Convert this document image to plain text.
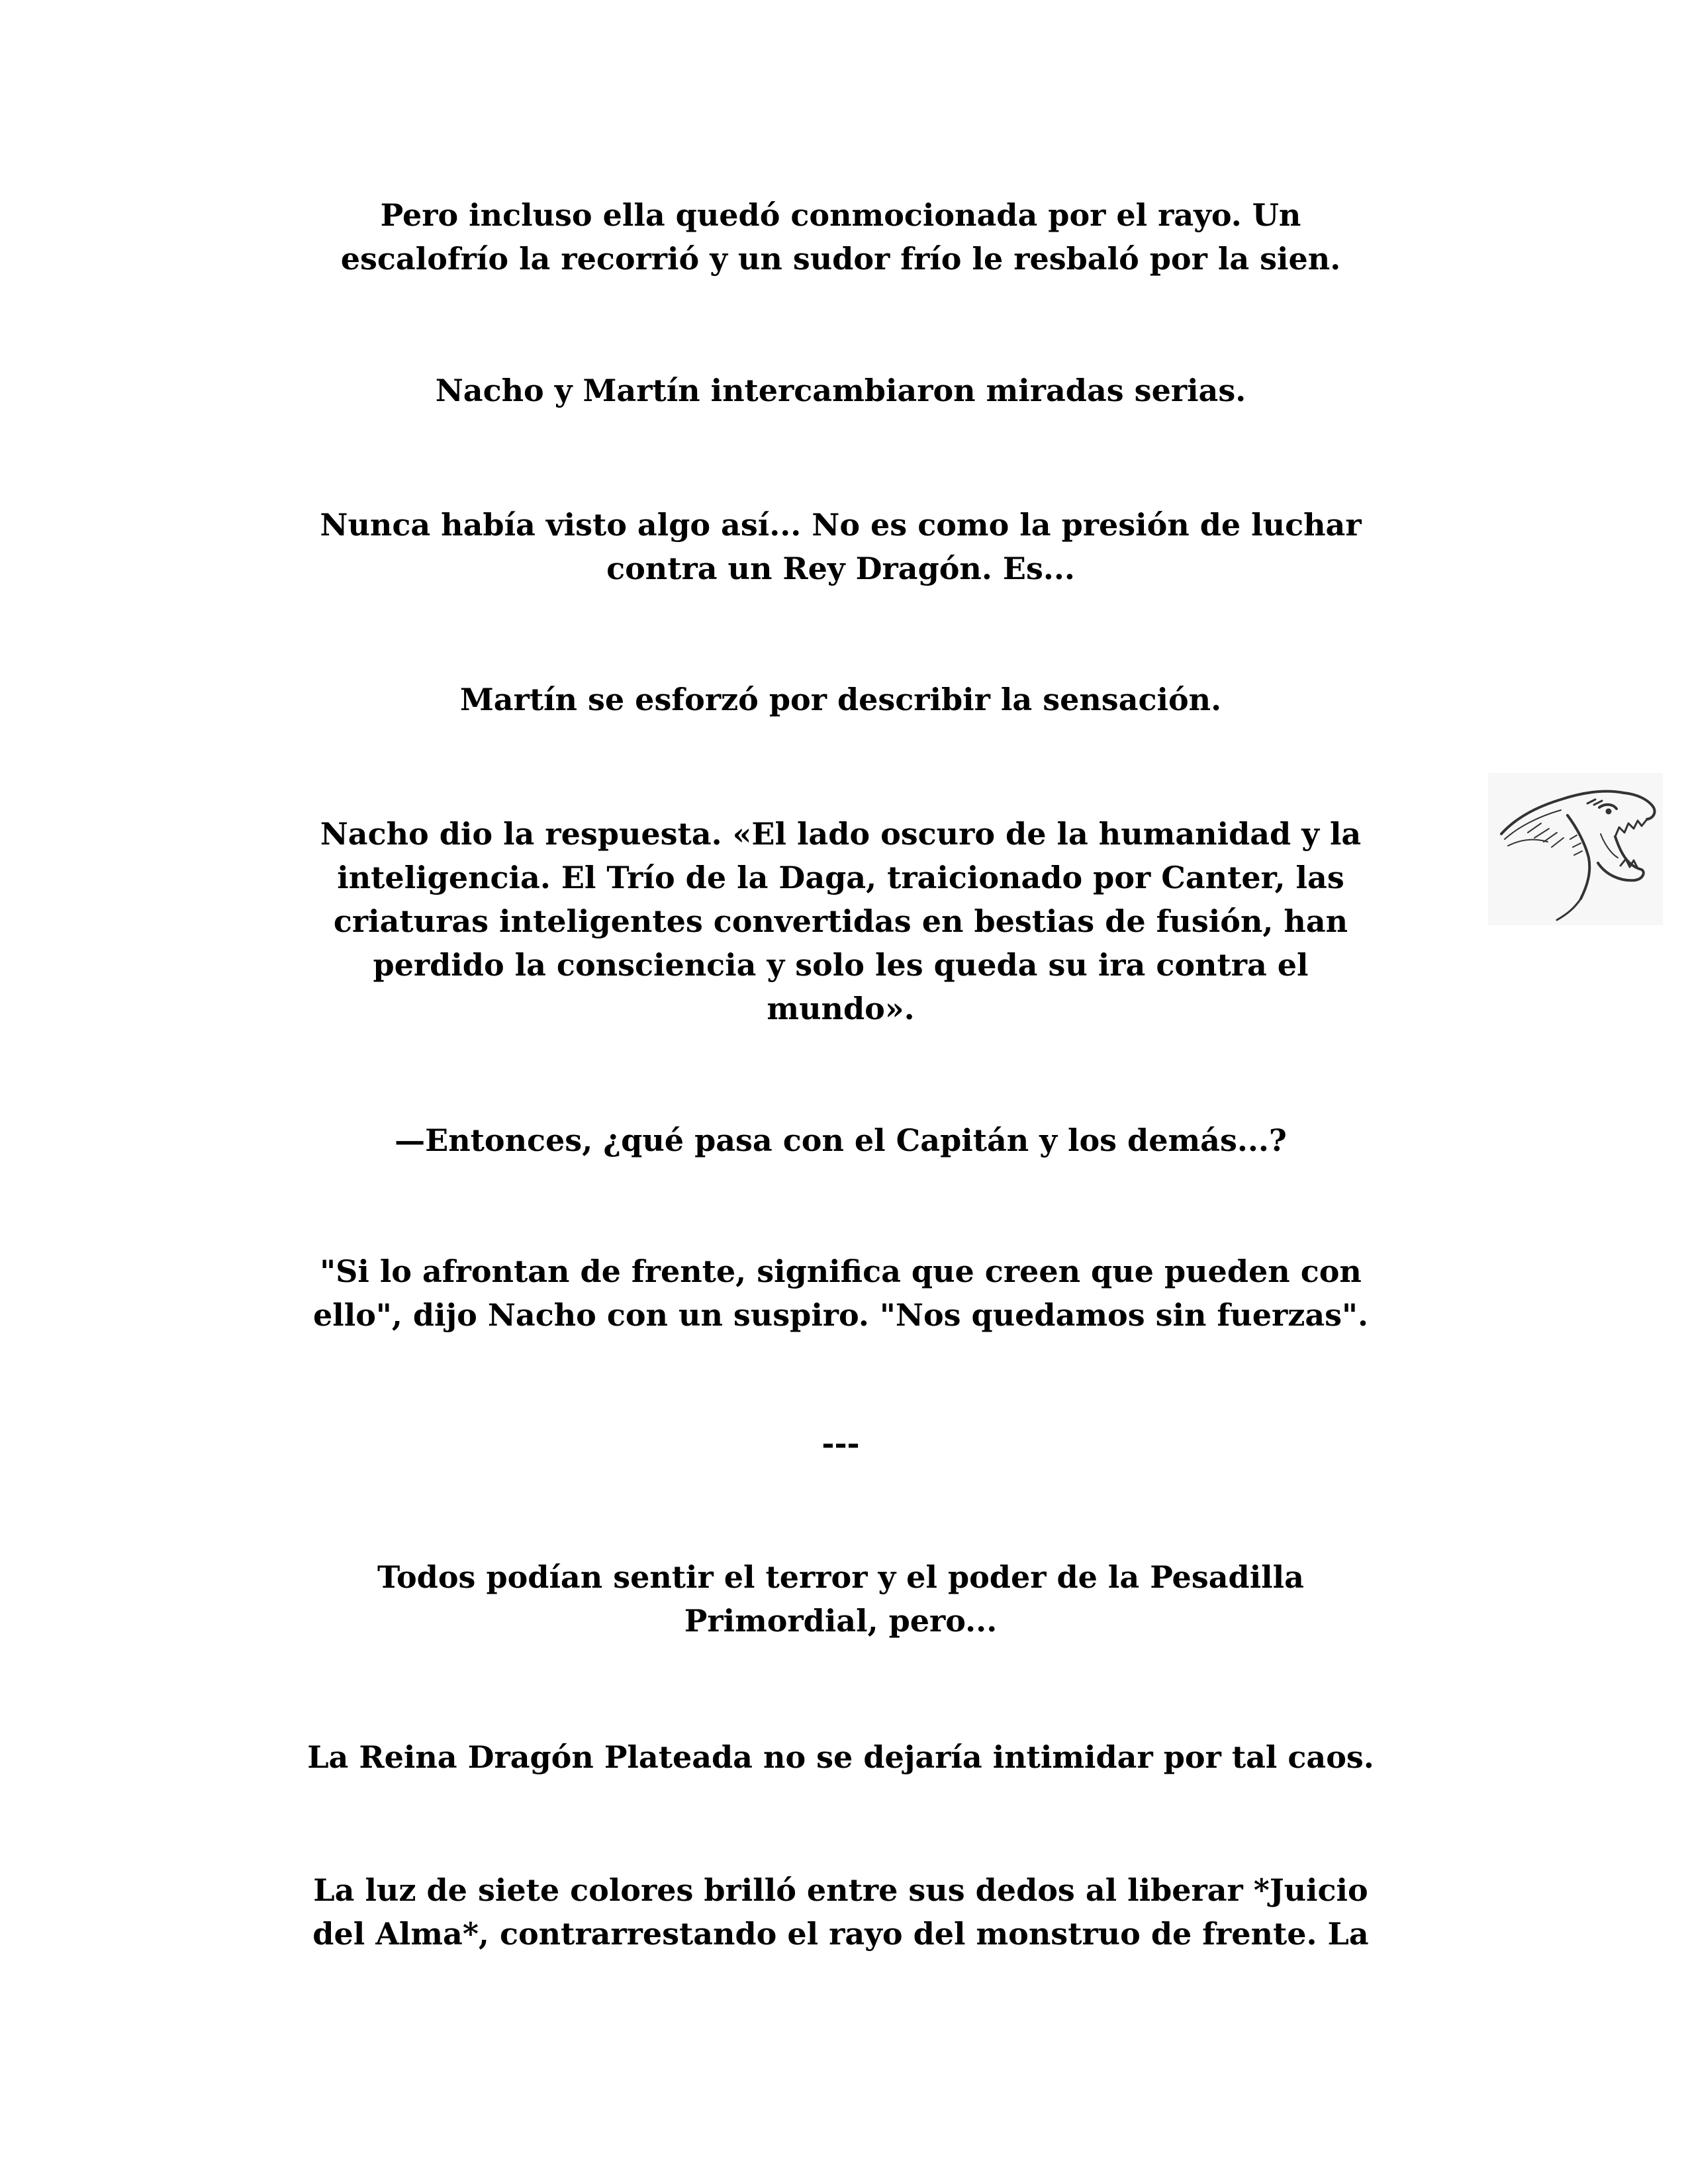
Pero incluso ella quedó conmocionada por el rayo. Un
escalofrío la recorrió y un sudor frío le resbaló por la sien.

Nacho y Martín intercambiaron miradas serias.

Nunca había visto algo así... No es como la presión de luchar
contra un Rey Dragón. Es...

Martín se esforzó por describir la sensación.

Nacho dio la respuesta. «El lado oscuro de la humanidad y la
inteligencia. El Trío de la Daga, traicionado por Canter, las
criaturas inteligentes convertidas en bestias de fusión, han
perdido la consciencia y solo les queda su ira contra el
mundo».

—Entonces, ¿qué pasa con el Capitán y los demás...?

"Si lo afrontan de frente, significa que creen que pueden con
ello", dijo Nacho con un suspiro. "Nos quedamos sin fuerzas".

---

Todos podían sentir el terror y el poder de la Pesadilla
Primordial, pero...

La Reina Dragón Plateada no se dejaría intimidar por tal caos.

La luz de siete colores brilló entre sus dedos al liberar *Juicio
del Alma*, contrarrestando el rayo del monstruo de frente. La
